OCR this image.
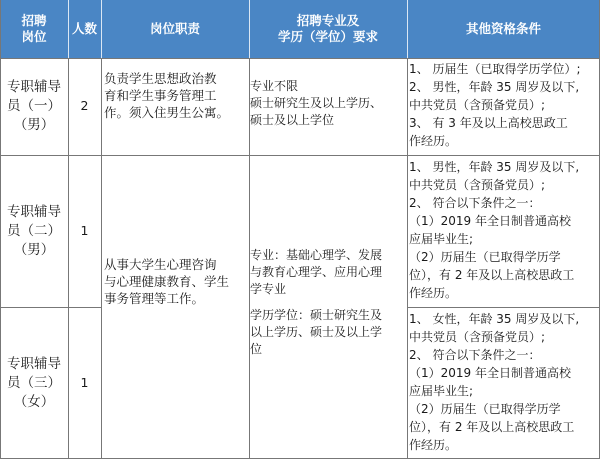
招聘
岗位
人数	岗位职责
招聘专业及
学历（学位）要求
其他资格条件
专职辅导
员（一）
（男）
2
负责学生思想政治教
育和学生事务管理工
作。须入住男生公寓。
专业不限
硕士研究生及以上学历、
硕士及以上学位
1、 历届生（已取得学历学位）;
2、 男性，年龄 35 周岁及以下,
中共党员（含预备党员）;
3、 有 3 年及以上高校思政工
作经历。
专职辅导
员（二）
（男）
1
1、 男性，年龄 35 周岁及以下,
中共党员（含预备党员）;
2、 符合以下条件之一：
（1）2019 年全日制普通高校
应届毕业生;
（2）历届生（已取得学历学
位），有 2 年及以上高校思政工
作经历。
从事大学生心理咨询
与心理健康教育、学生
事务管理等工作。
专业：基础心理学、发展
与教育心理学、应用心理
学专业
学历学位：硕士研究生及
以上学历、硕士及以上学
位
专职辅导
员（三）
（女）
1
1、 女性，年龄 35 周岁及以下,
中共党员（含预备党员）;
2、 符合以下条件之一：
（1）2019 年全日制普通高校
应届毕业生;
（2）历届生（已取得学历学
位），有 2 年及以上高校思政工
作经历。
